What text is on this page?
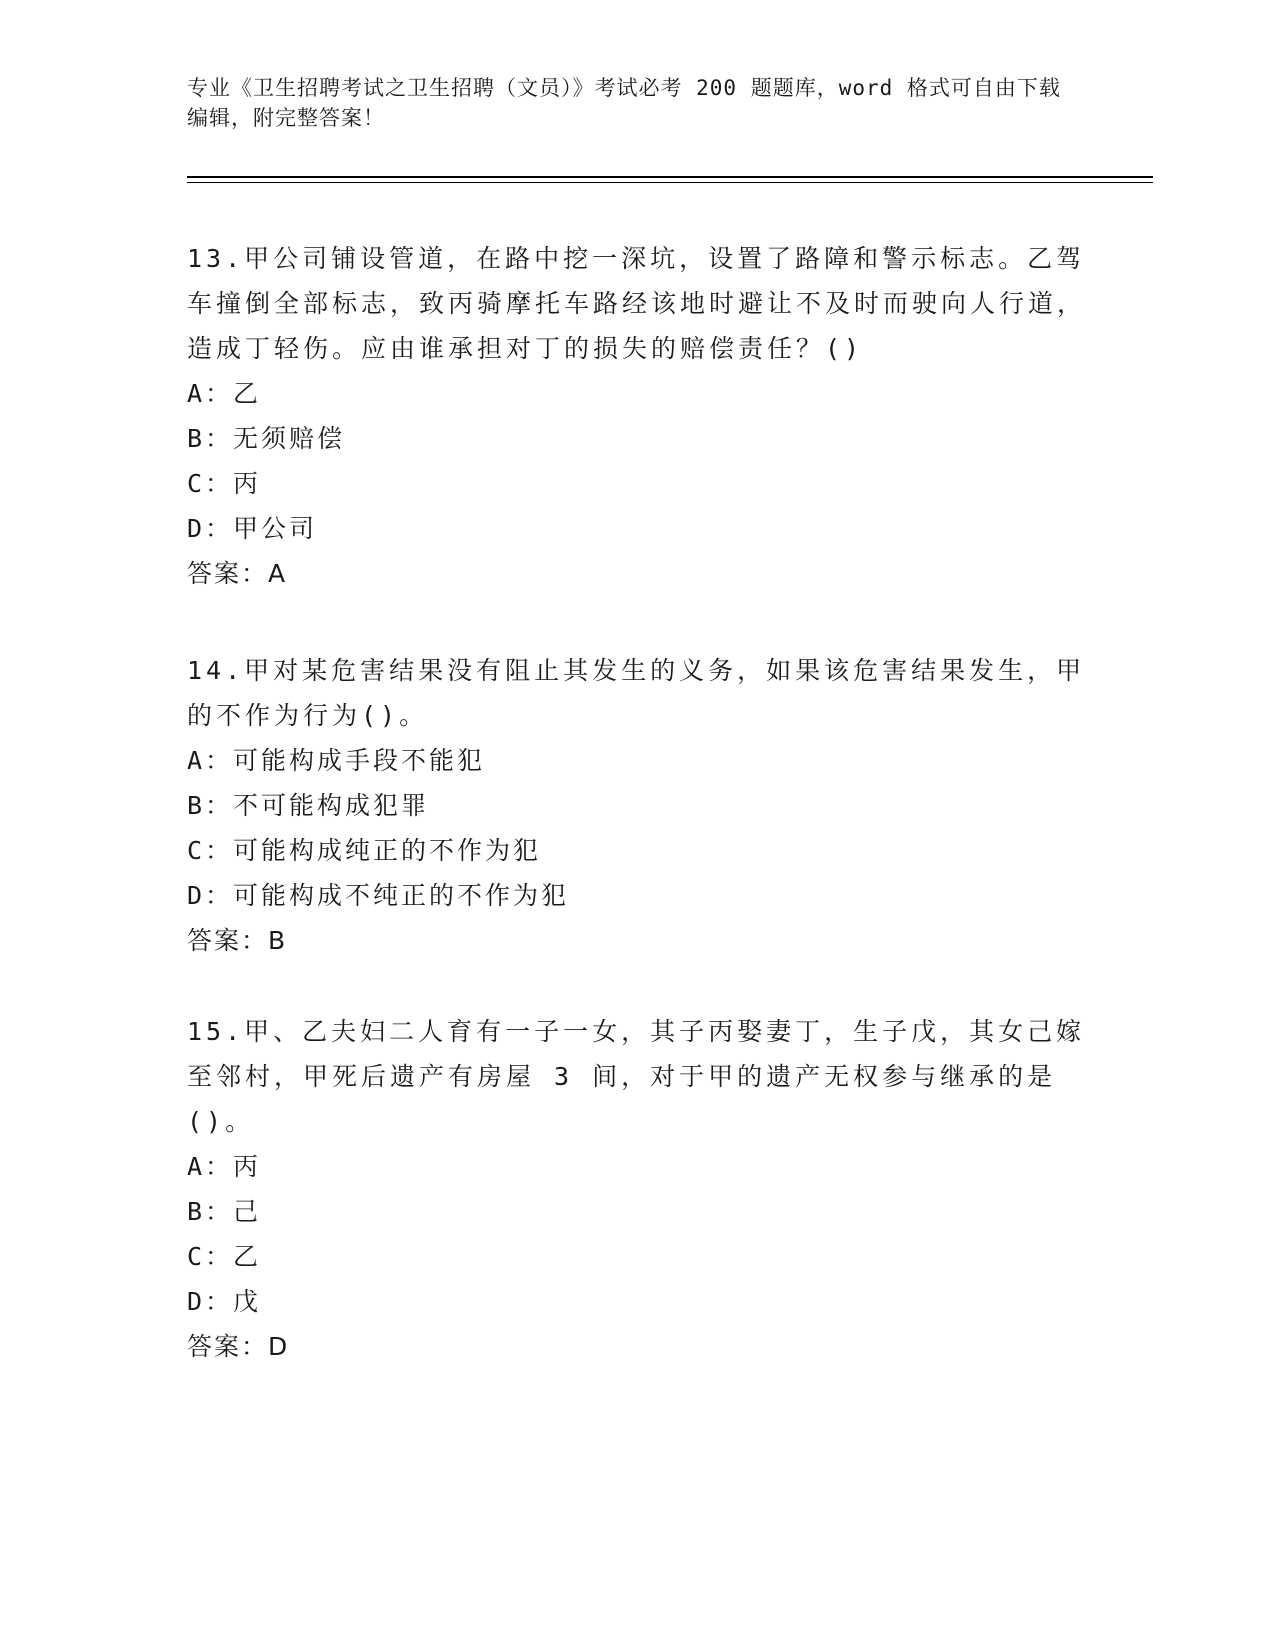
专业《卫生招聘考试之卫生招聘（文员）》考试必考 200 题题库，word 格式可自由下载编辑，附完整答案！

13.甲公司铺设管道，在路中挖一深坑，设置了路障和警示标志。乙驾车撞倒全部标志，致丙骑摩托车路经该地时避让不及时而驶向人行道，造成丁轻伤。应由谁承担对丁的损失的赔偿责任？()

A：乙

B：无须赔偿

C：丙

D：甲公司

答案：A

14.甲对某危害结果没有阻止其发生的义务，如果该危害结果发生，甲的不作为行为()。

A：可能构成手段不能犯

B：不可能构成犯罪

C：可能构成纯正的不作为犯

D：可能构成不纯正的不作为犯

答案：B

15.甲、乙夫妇二人育有一子一女，其子丙娶妻丁，生子戊，其女己嫁至邻村，甲死后遗产有房屋 3 间，对于甲的遗产无权参与继承的是()。

A：丙

B：己

C：乙

D：戊

答案：D
